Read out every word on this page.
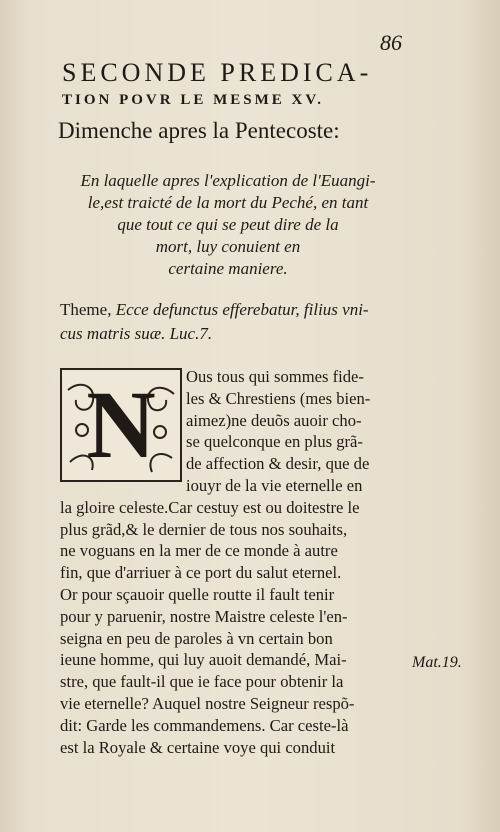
86
SECONDE PREDICA-
TION POVR LE MESME XV.
Dimenche apres la Pentecoste:
En laquelle apres l'explication de l'Euangi-
le,est traicté de la mort du Peché, en tant
que tout ce qui se peut dire de la
mort, luy conuient en
certaine maniere.
Theme, Ecce defunctus efferebatur, filius vni-
cus matris suæ. Luc.7.
N	Ous tous qui sommes fide-
les & Chrestiens (mes bien-
aimez)ne deuõs auoir cho-
se quelconque en plus grã-
de affection & desir, que de
iouyr de la vie eternelle en
la gloire celeste.Car cestuy est ou doitestre le
plus grãd,& le dernier de tous nos souhaits,
ne voguans en la mer de ce monde à autre
fin, que d'arriuer à ce port du salut eternel.
Or pour sçauoir quelle routte il fault tenir
pour y paruenir, nostre Maistre celeste l'en-
seigna en peu de paroles à vn certain bon
ieune homme, qui luy auoit demandé, Mai-
stre, que fault-il que ie face pour obtenir la
vie eternelle? Auquel nostre Seigneur respõ-
dit: Garde les commandemens. Car ceste-là
est la Royale & certaine voye qui conduit
Mat.19.
